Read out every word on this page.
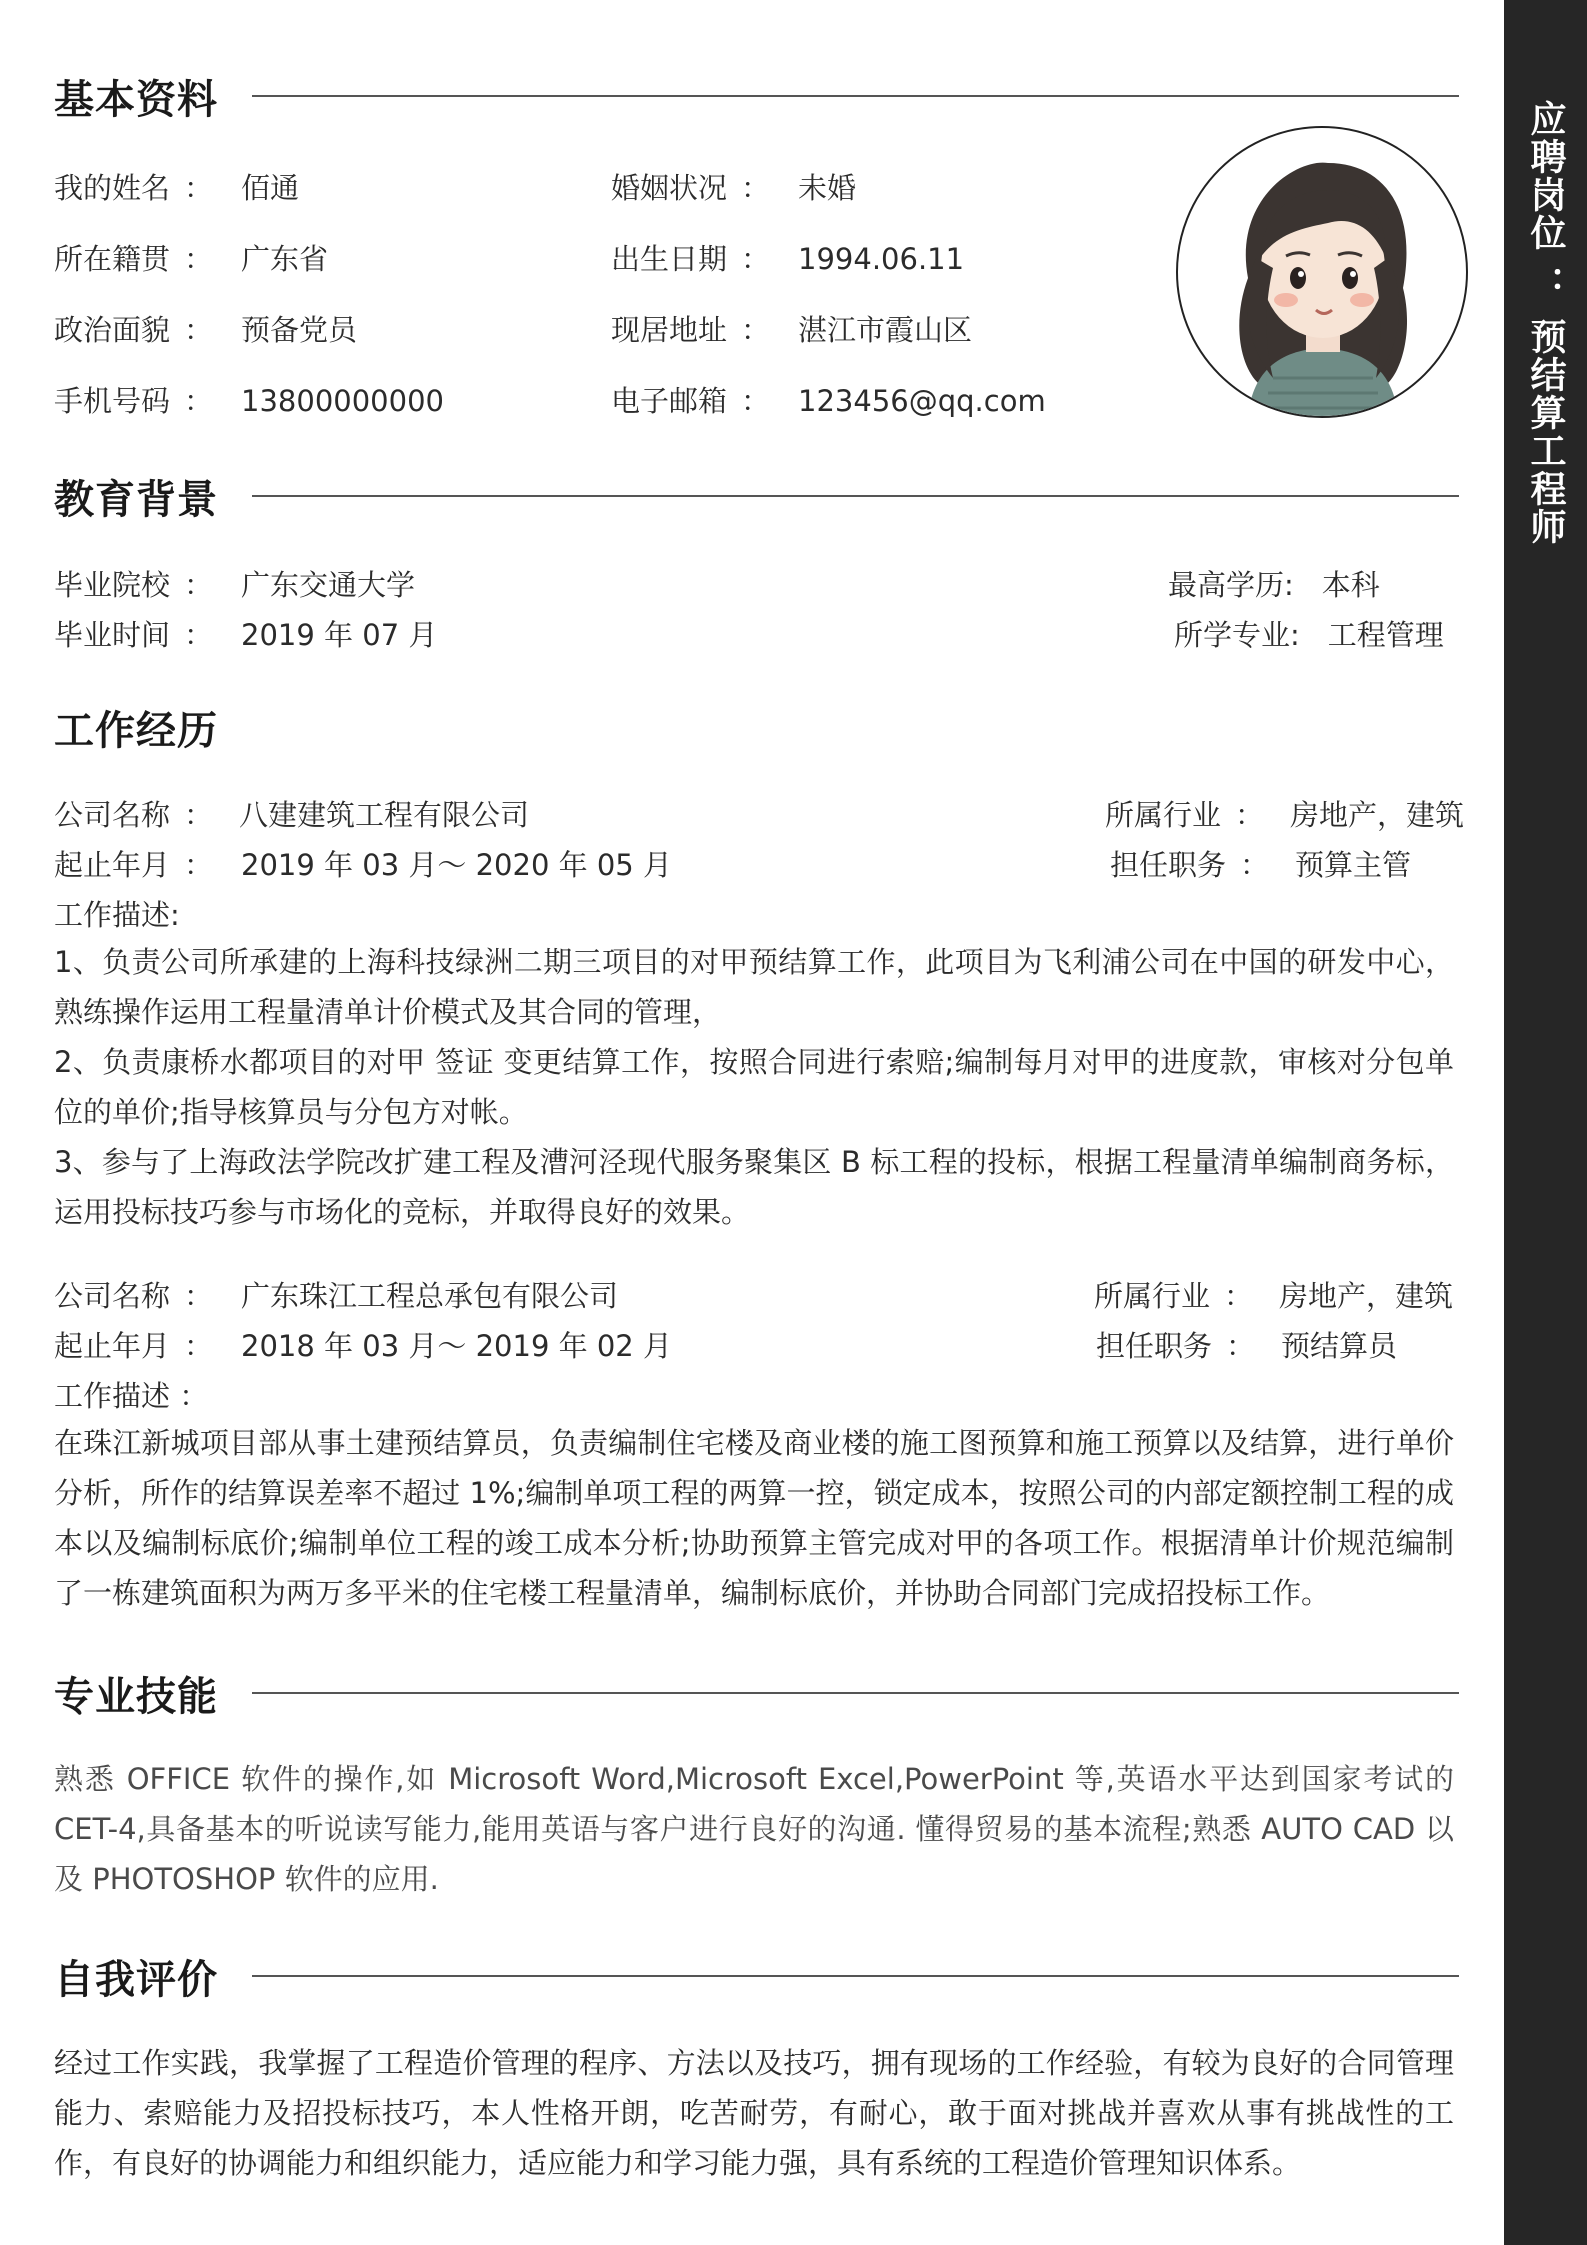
应聘岗位
：
预结算工程师
基本资料
我的姓名 ： 佰通
所在籍贯 ： 广东省
政治面貌 ： 预备党员
手机号码 ： 13800000000
婚姻状况 ： 未婚
出生日期 ： 1994.06.11
现居地址 ： 湛江市霞山区
电子邮箱 ： 123456@qq.com
教育背景
毕业院校 ： 广东交通大学
毕业时间 ： 2019 年 07 月
最高学历: 本科
所学专业: 工程管理
工作经历
公司名称 ： 八建建筑工程有限公司
起止年月 ： 2019 年 03 月～ 2020 年 05 月
所属行业 ： 房地产，建筑
担任职务 ： 预算主管
工作描述:

1、负责公司所承建的上海科技绿洲二期三项目的对甲预结算工作，此项目为飞利浦公司在中国的研发中心，熟练操作运用工程量清单计价模式及其合同的管理，

2、负责康桥水都项目的对甲 签证 变更结算工作，按照合同进行索赔;编制每月对甲的进度款，审核对分包单位的单价;指导核算员与分包方对帐。

3、参与了上海政法学院改扩建工程及漕河泾现代服务聚集区 B 标工程的投标，根据工程量清单编制商务标，运用投标技巧参与市场化的竞标，并取得良好的效果。

公司名称 ： 广东珠江工程总承包有限公司
起止年月 ： 2018 年 03 月～ 2019 年 02 月
所属行业 ： 房地产，建筑
担任职务 ： 预结算员
工作描述 ：

在珠江新城项目部从事土建预结算员，负责编制住宅楼及商业楼的施工图预算和施工预算以及结算，进行单价分析，所作的结算误差率不超过 1%;编制单项工程的两算一控，锁定成本，按照公司的内部定额控制工程的成本以及编制标底价;编制单位工程的竣工成本分析;协助预算主管完成对甲的各项工作。根据清单计价规范编制了一栋建筑面积为两万多平米的住宅楼工程量清单，编制标底价，并协助合同部门完成招投标工作。

专业技能

熟悉 OFFICE 软件的操作,如 Microsoft Word,Microsoft Excel,PowerPoint 等,英语水平达到国家考试的 CET-4,具备基本的听说读写能力,能用英语与客户进行良好的沟通. 懂得贸易的基本流程;熟悉 AUTO CAD 以及 PHOTOSHOP 软件的应用.

自我评价

经过工作实践，我掌握了工程造价管理的程序、方法以及技巧，拥有现场的工作经验，有较为良好的合同管理能力、索赔能力及招投标技巧，本人性格开朗，吃苦耐劳，有耐心，敢于面对挑战并喜欢从事有挑战性的工作，有良好的协调能力和组织能力，适应能力和学习能力强，具有系统的工程造价管理知识体系。
